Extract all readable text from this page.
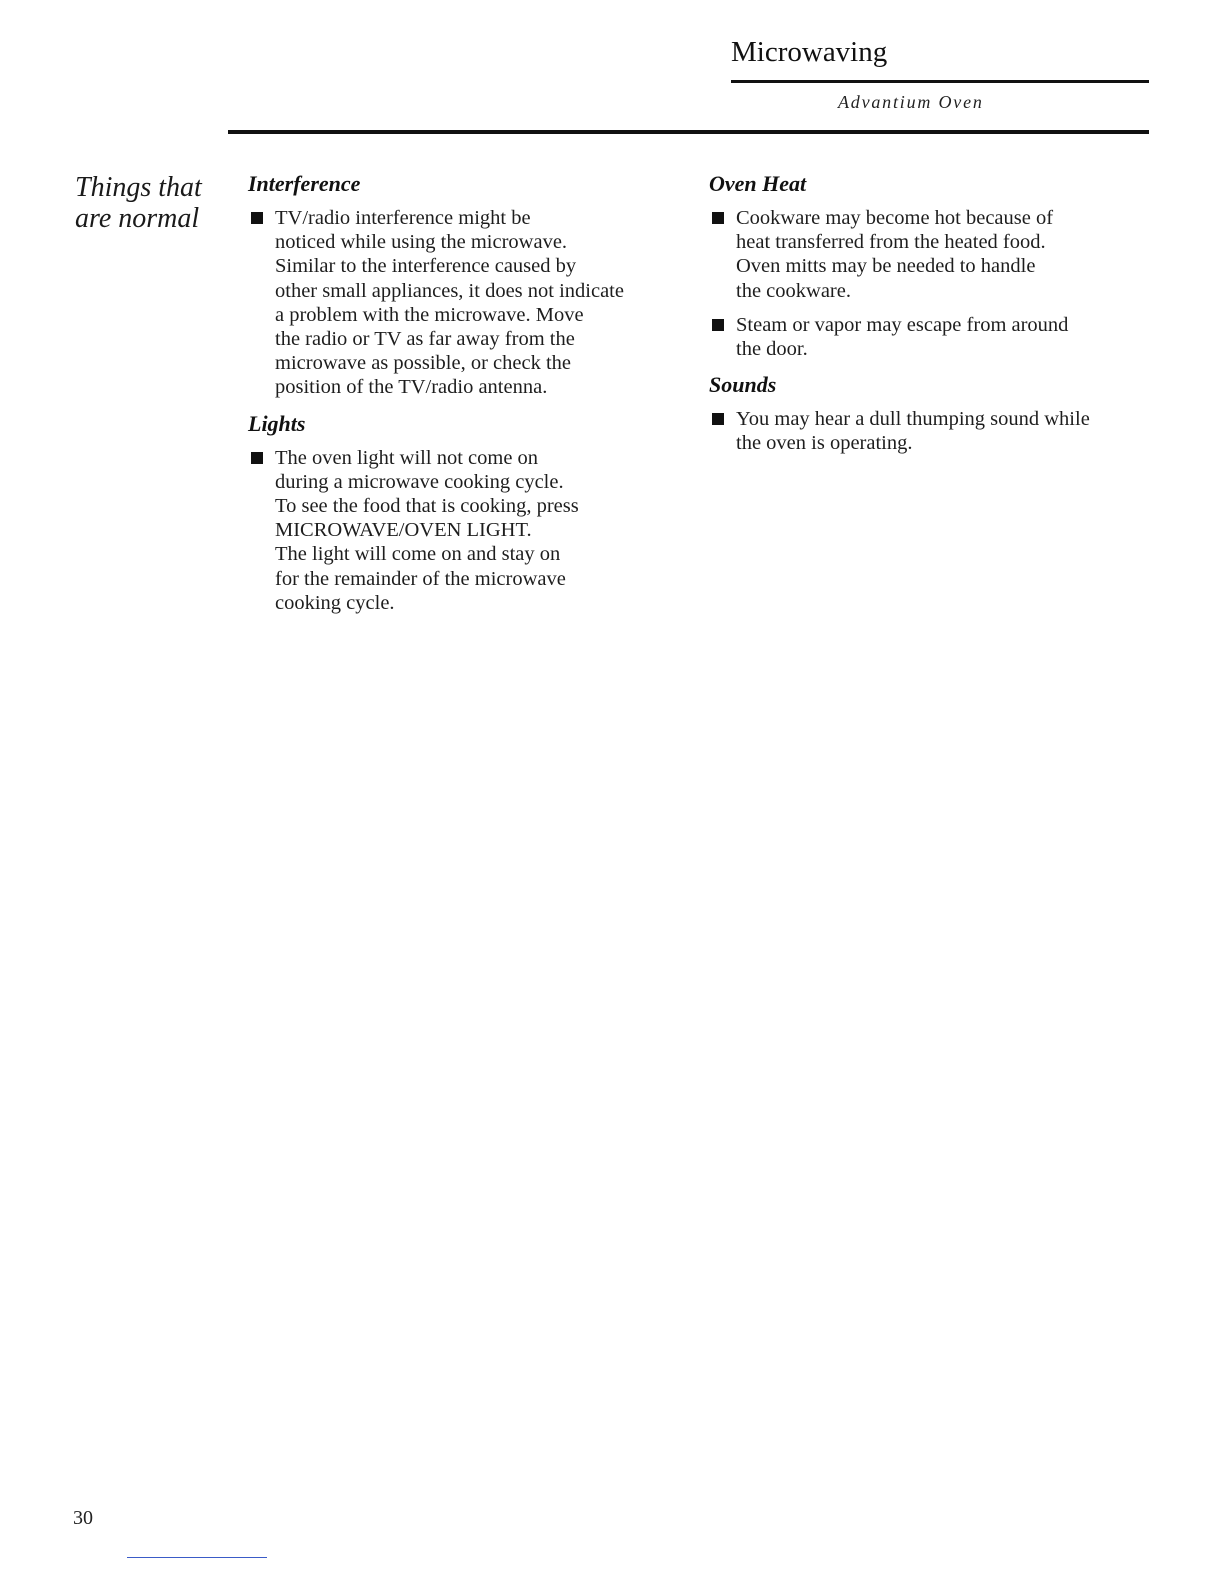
Microwaving
Advantium Oven
Things that
are normal
Interference
TV/radio interference might be
noticed while using the microwave.
Similar to the interference caused by
other small appliances, it does not indicate
a problem with the microwave. Move
the radio or TV as far away from the
microwave as possible, or check the
position of the TV/radio antenna.
Lights
The oven light will not come on
during a microwave cooking cycle.
To see the food that is cooking, press
MICROWAVE/OVEN LIGHT.
The light will come on and stay on
for the remainder of the microwave
cooking cycle.
Oven Heat
Cookware may become hot because of
heat transferred from the heated food.
Oven mitts may be needed to handle
the cookware.
Steam or vapor may escape from around
the door.
Sounds
You may hear a dull thumping sound while
the oven is operating.
30
